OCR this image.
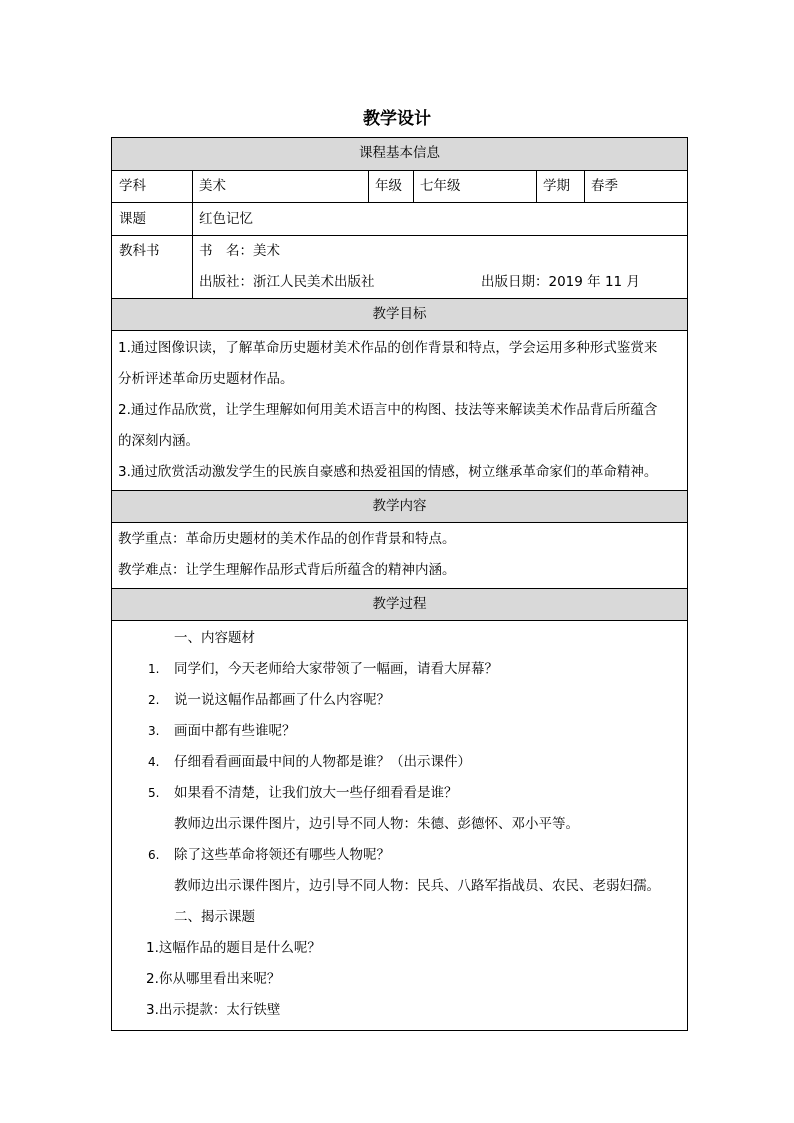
教学设计
课程基本信息
学科	美术	年级	七年级	学期	春季
课题	红色记忆
教科书	书　名：美术
出版社：浙江人民美术出版社	出版日期：2019 年 11 月
教学目标
1.通过图像识读，了解革命历史题材美术作品的创作背景和特点，学会运用多种形式鉴赏来
分析评述革命历史题材作品。
2.通过作品欣赏，让学生理解如何用美术语言中的构图、技法等来解读美术作品背后所蕴含
的深刻内涵。
3.通过欣赏活动激发学生的民族自豪感和热爱祖国的情感，树立继承革命家们的革命精神。
教学内容
教学重点：革命历史题材的美术作品的创作背景和特点。
教学难点：让学生理解作品形式背后所蕴含的精神内涵。
教学过程
一、内容题材
1. 同学们，今天老师给大家带领了一幅画，请看大屏幕？
2. 说一说这幅作品都画了什么内容呢？
3. 画面中都有些谁呢？
4. 仔细看看画面最中间的人物都是谁？（出示课件）
5. 如果看不清楚，让我们放大一些仔细看看是谁？
教师边出示课件图片，边引导不同人物：朱德、彭德怀、邓小平等。
6. 除了这些革命将领还有哪些人物呢？
教师边出示课件图片，边引导不同人物：民兵、八路军指战员、农民、老弱妇孺。
二、揭示课题
1.这幅作品的题目是什么呢？
2.你从哪里看出来呢？
3.出示提款：太行铁壁
